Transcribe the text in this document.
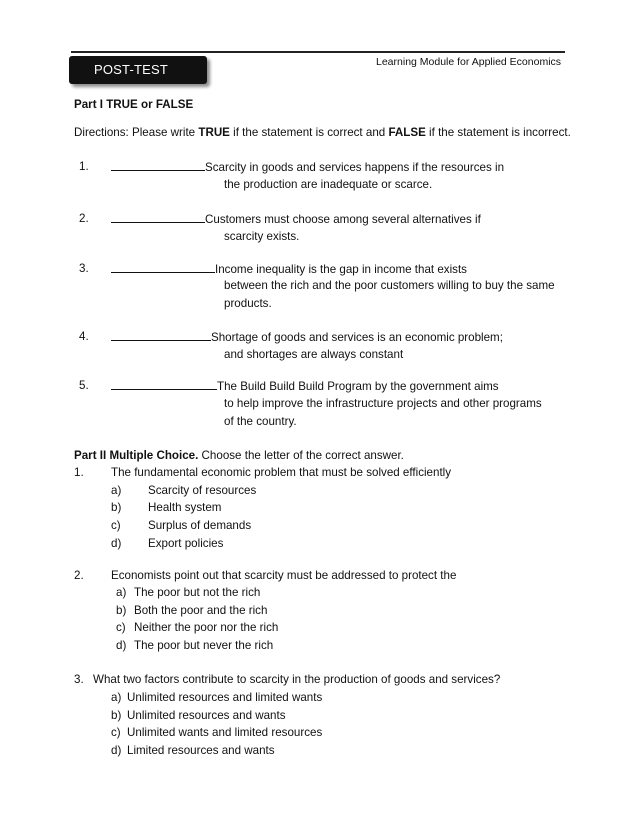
Learning Module for Applied Economics
POST-TEST
Part I TRUE or FALSE
Directions: Please write TRUE if the statement is correct and FALSE if the statement is incorrect.
1.	Scarcity in goods and services happens if the resources in
the production are inadequate or scarce.
2.	Customers must choose among several alternatives if
scarcity exists.
3.	Income inequality is the gap in income that exists
between the rich and the poor customers willing to buy the same
products.
4.	Shortage of goods and services is an economic problem;
and shortages are always constant
5.	The Build Build Build Program by the government aims
to help improve the infrastructure projects and other programs
of the country.
Part II Multiple Choice. Choose the letter of the correct answer.
1. The fundamental economic problem that must be solved efficiently
a) Scarcity of resources
b) Health system
c) Surplus of demands
d) Export policies
2. Economists point out that scarcity must be addressed to protect the
a) The poor but not the rich
b) Both the poor and the rich
c) Neither the poor nor the rich
d) The poor but never the rich
3. What two factors contribute to scarcity in the production of goods and services?
a) Unlimited resources and limited wants
b) Unlimited resources and wants
c) Unlimited wants and limited resources
d) Limited resources and wants
